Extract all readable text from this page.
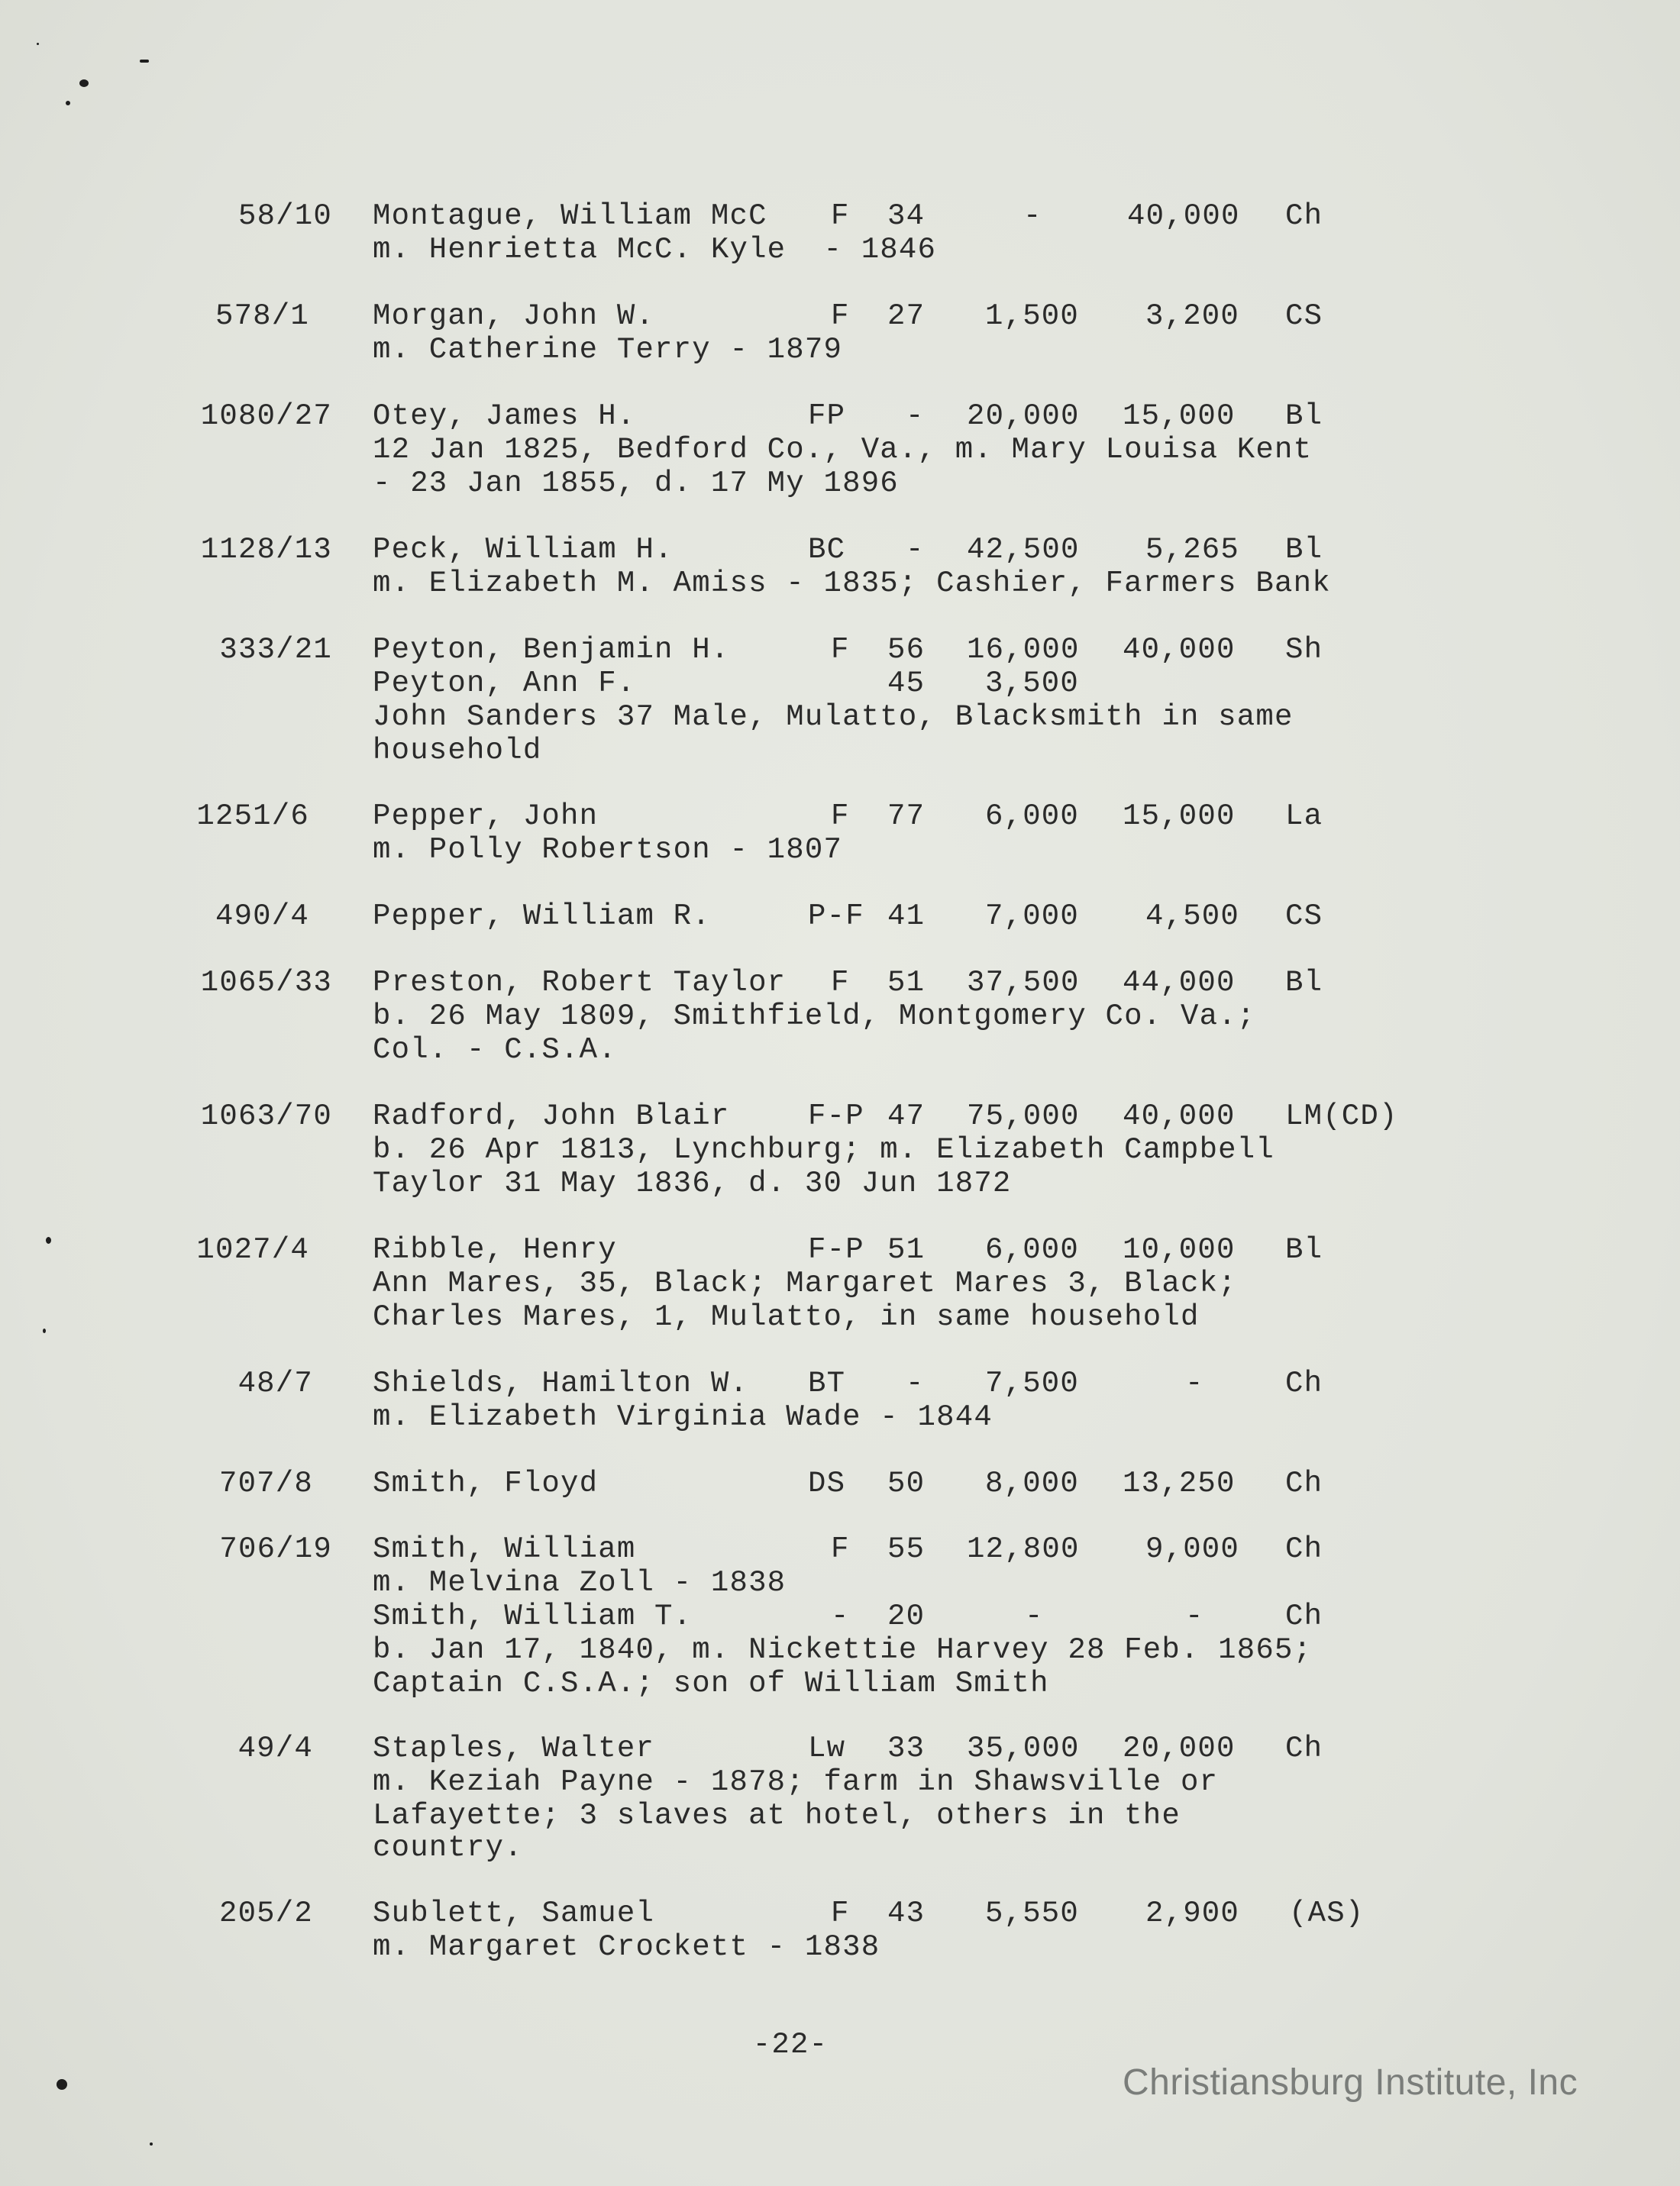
58/10 Montague, William McC F 34	-	40,000 Ch
m. Henrietta McC. Kyle  - 1846
578/1 Morgan, John W.	F 27 1,500 3,200 CS
m. Catherine Terry - 1879
1080/27 Otey, James H.	FP - 20,000 15,000 Bl
12 Jan 1825, Bedford Co., Va., m. Mary Louisa Kent
- 23 Jan 1855, d. 17 My 1896
1128/13 Peck, William H.	BC - 42,500 5,265 Bl
m. Elizabeth M. Amiss - 1835; Cashier, Farmers Bank
333/21 Peyton, Benjamin H.	F 56 16,000 40,000 Sh
Peyton, Ann F.	45 3,500
John Sanders 37 Male, Mulatto, Blacksmith in same
household
1251/6 Pepper, John	F 77 6,000 15,000 La
m. Polly Robertson - 1807
490/4 Pepper, William R.	P-F 41 7,000 4,500 CS
1065/33 Preston, Robert Taylor F 51 37,500 44,000 Bl
b. 26 May 1809, Smithfield, Montgomery Co. Va.;
Col. - C.S.A.
1063/70 Radford, John Blair	F-P 47 75,000 40,000 LM(CD)
b. 26 Apr 1813, Lynchburg; m. Elizabeth Campbell
Taylor 31 May 1836, d. 30 Jun 1872
1027/4 Ribble, Henry	F-P 51 6,000 10,000 Bl
Ann Mares, 35, Black; Margaret Mares 3, Black;
Charles Mares, 1, Mulatto, in same household
48/7 Shields, Hamilton W. BT - 7,500	-	Ch
m. Elizabeth Virginia Wade - 1844
707/8 Smith, Floyd	DS 50 8,000 13,250 Ch
706/19 Smith, William	F 55 12,800 9,000 Ch
m. Melvina Zoll - 1838
Smith, William T.	- 20	-	-	Ch
b. Jan 17, 1840, m. Nickettie Harvey 28 Feb. 1865;
Captain C.S.A.; son of William Smith
49/4 Staples, Walter	Lw 33 35,000 20,000 Ch
m. Keziah Payne - 1878; farm in Shawsville or
Lafayette; 3 slaves at hotel, others in the
country.
205/2 Sublett, Samuel	F 43 5,550 2,900 (AS)
m. Margaret Crockett - 1838
-22-
Christiansburg Institute, Inc
